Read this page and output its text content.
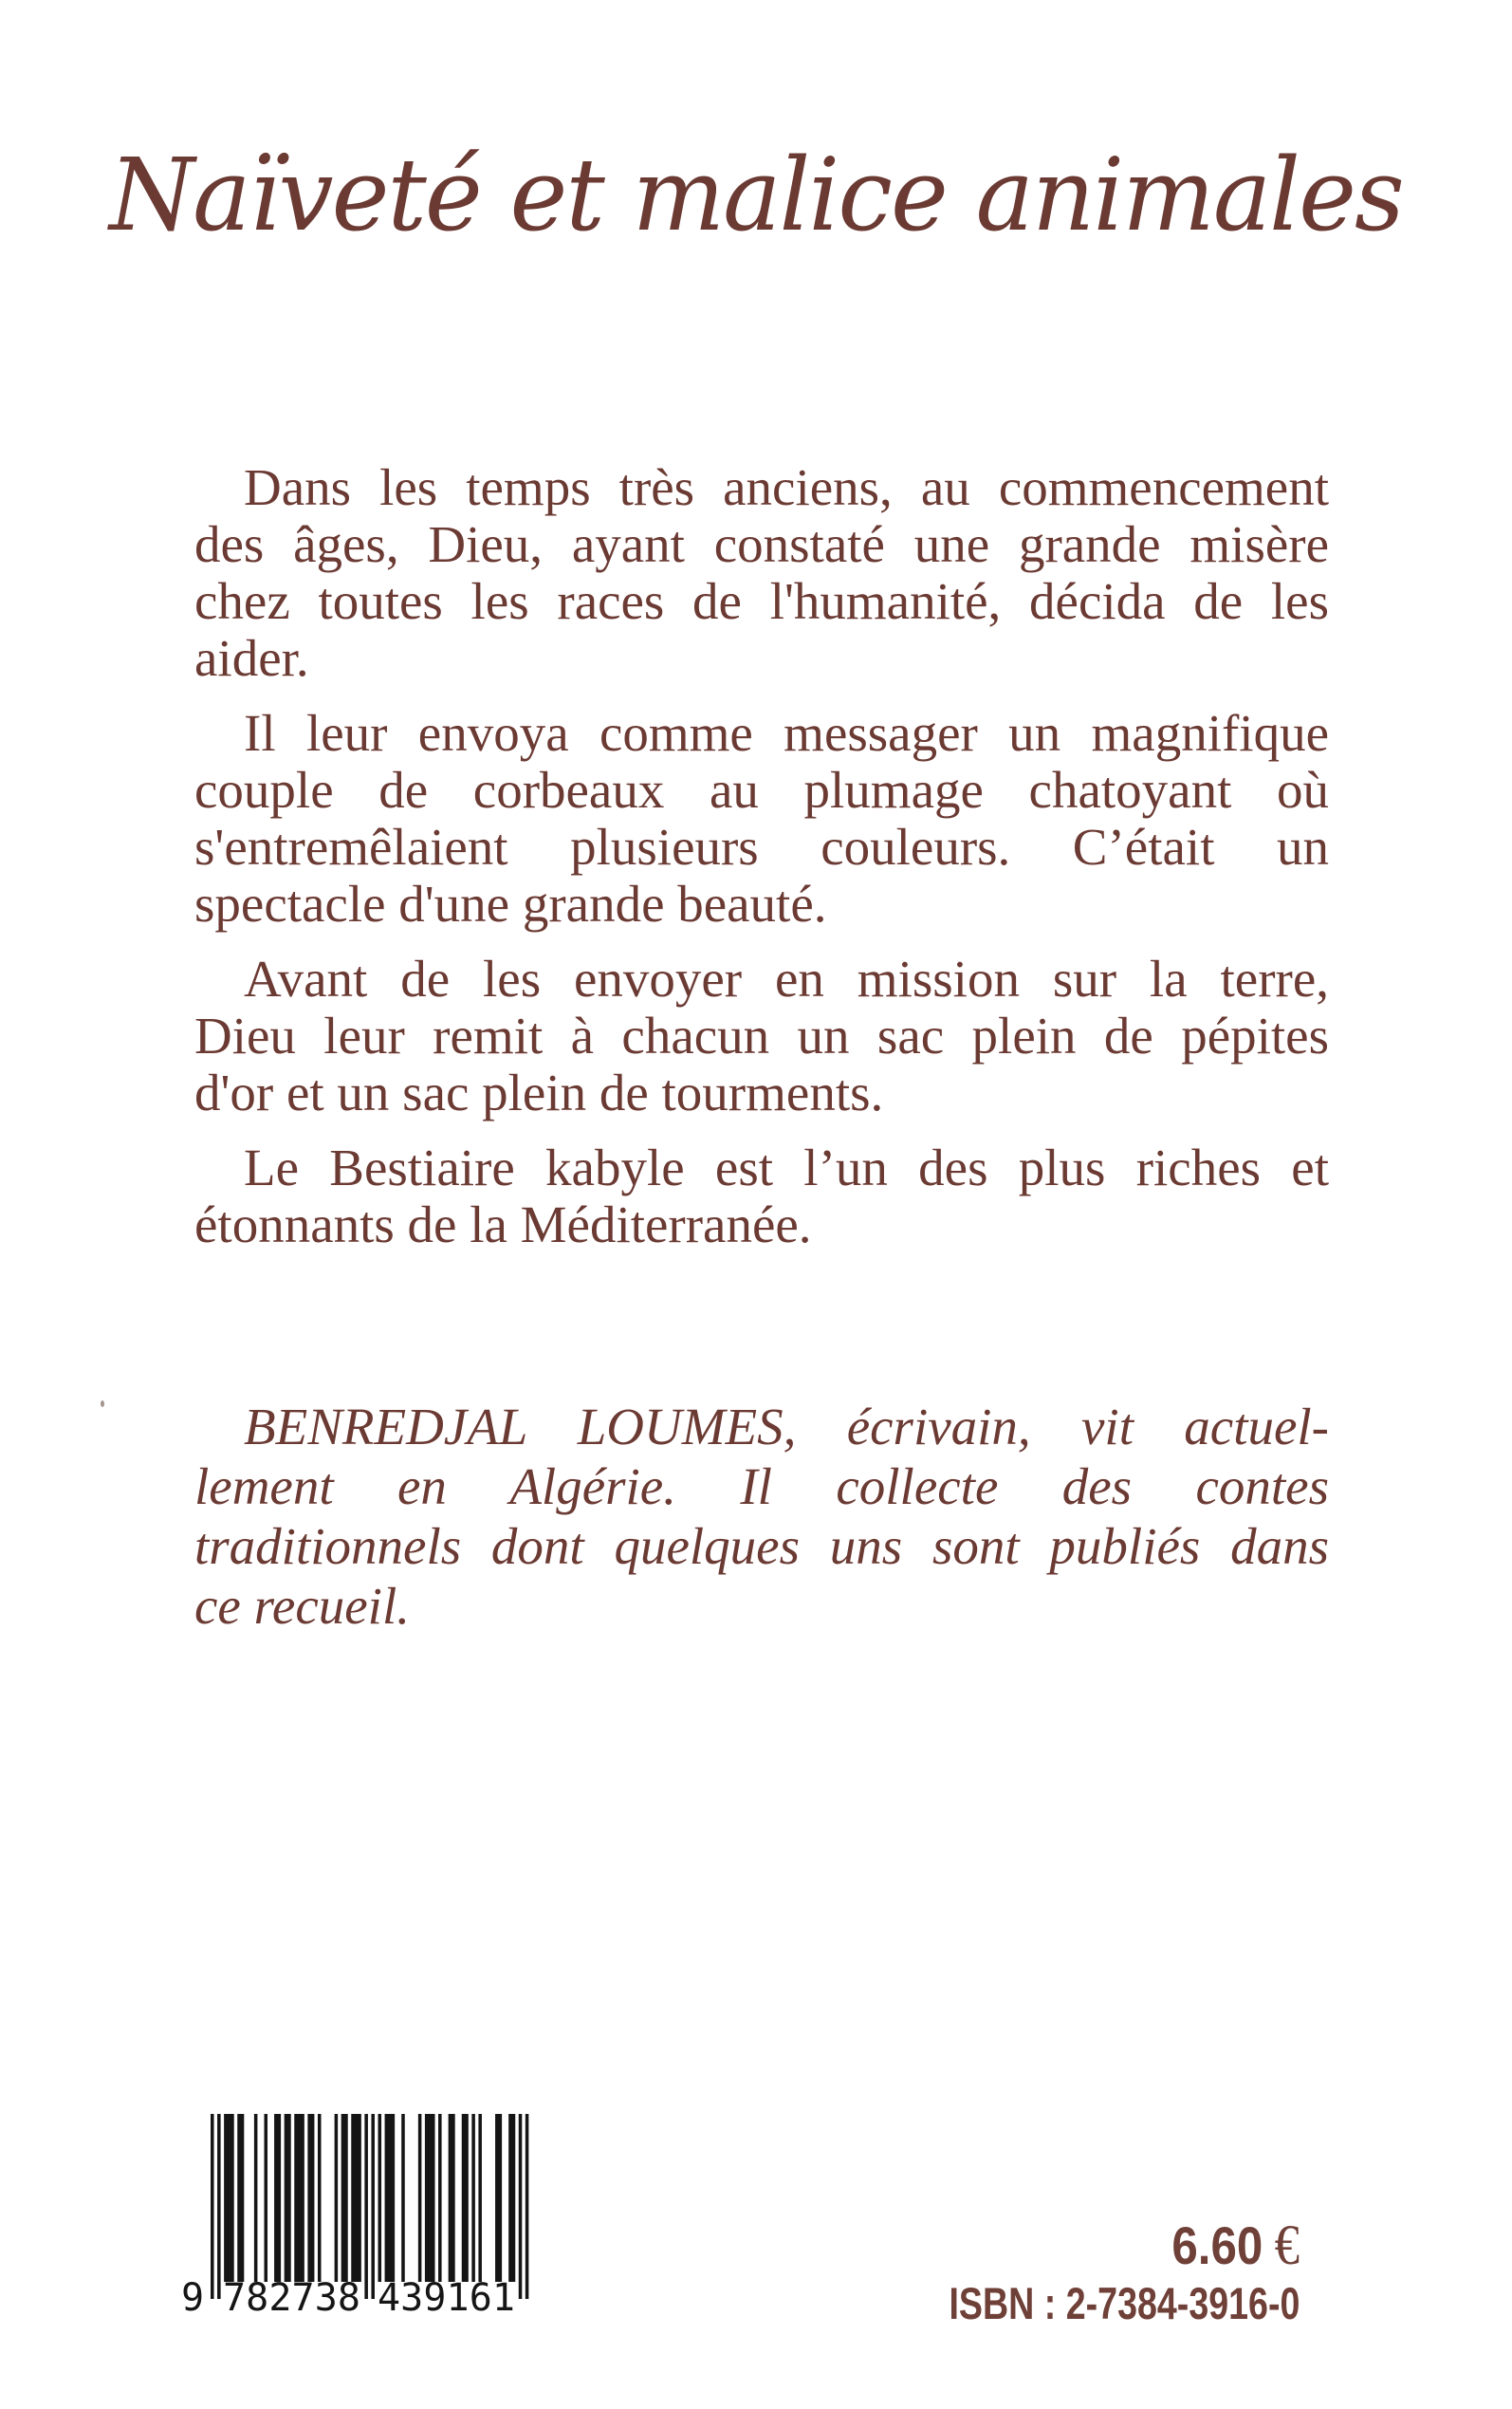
Naïveté et malice animales
Dans les temps très anciens, au commencement
des âges, Dieu, ayant constaté une grande misère
chez toutes les races de l'humanité, décida de les
aider.
Il leur envoya comme messager un magnifique
couple de corbeaux au plumage chatoyant où
s'entremêlaient plusieurs couleurs. C’était un
spectacle d'une grande beauté.
Avant de les envoyer en mission sur la terre,
Dieu leur remit à chacun un sac plein de pépites
d'or et un sac plein de tourments.
Le Bestiaire kabyle est l’un des plus riches et
étonnants de la Méditerranée.
BENREDJAL LOUMES, écrivain, vit actuel-
lement en Algérie. Il collecte des contes
traditionnels dont quelques uns sont publiés dans
ce recueil.
9 782738 439161
6.60 €
ISBN : 2-7384-3916-0
